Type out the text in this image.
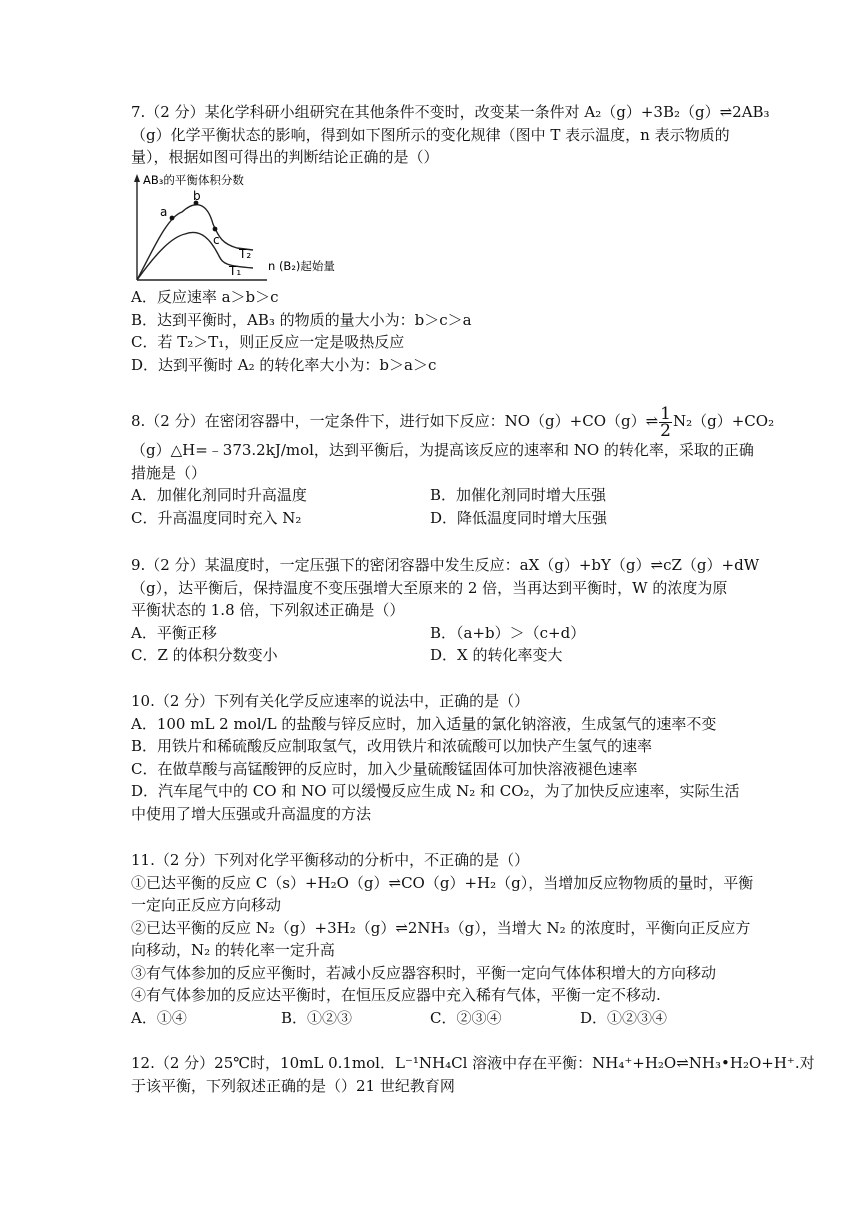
7.（2 分）某化学科研小组研究在其他条件不变时，改变某一条件对 A₂（g）+3B₂（g）⇌2AB₃
（g）化学平衡状态的影响，得到如下图所示的变化规律（图中 T 表示温度，n 表示物质的
量），根据如图可得出的判断结论正确的是（）
AB₃的平衡体积分数
a
b
c
T₂
T₁ n (B₂)起始量
A．反应速率 a＞b＞c
B．达到平衡时，AB₃ 的物质的量大小为：b＞c＞a
C．若 T₂＞T₁，则正反应一定是吸热反应
D．达到平衡时 A₂ 的转化率大小为：b＞a＞c
8.（2 分）在密闭容器中，一定条件下，进行如下反应：NO（g）+CO（g）⇌ $\frac{1}{2} N_2(g)+CO_2$
（g）△H=﹣373.2kJ/mol，达到平衡后，为提高该反应的速率和 NO 的转化率，采取的正确
措施是（）
A．加催化剂同时升高温度	B．加催化剂同时增大压强
C．升高温度同时充入 N₂	D．降低温度同时增大压强
9.（2 分）某温度时，一定压强下的密闭容器中发生反应：aX（g）+bY（g）⇌cZ（g）+dW
（g），达平衡后，保持温度不变压强增大至原来的 2 倍，当再达到平衡时，W 的浓度为原
平衡状态的 1.8 倍，下列叙述正确是（）
A．平衡正移	B．（a+b）＞（c+d）
C．Z 的体积分数变小	D．X 的转化率变大
10.（2 分）下列有关化学反应速率的说法中，正确的是（）
A．100 mL 2 mol/L 的盐酸与锌反应时，加入适量的氯化钠溶液，生成氢气的速率不变
B．用铁片和稀硫酸反应制取氢气，改用铁片和浓硫酸可以加快产生氢气的速率
C．在做草酸与高锰酸钾的反应时，加入少量硫酸锰固体可加快溶液褪色速率
D．汽车尾气中的 CO 和 NO 可以缓慢反应生成 N₂ 和 CO₂，为了加快反应速率，实际生活
中使用了增大压强或升高温度的方法
11.（2 分）下列对化学平衡移动的分析中，不正确的是（）
①已达平衡的反应 C（s）+H₂O（g）⇌CO（g）+H₂（g），当增加反应物物质的量时，平衡
一定向正反应方向移动
②已达平衡的反应 N₂（g）+3H₂（g）⇌2NH₃（g），当增大 N₂ 的浓度时，平衡向正反应方
向移动，N₂ 的转化率一定升高
③有气体参加的反应平衡时，若减小反应器容积时，平衡一定向气体体积增大的方向移动
④有气体参加的反应达平衡时，在恒压反应器中充入稀有气体，平衡一定不移动.
A．①④	B．①②③	C．②③④	D．①②③④
12.（2 分）25℃时，10mL 0.1mol．L⁻¹NH₄Cl 溶液中存在平衡：NH₄⁺+H₂O⇌NH₃•H₂O+H⁺.对
于该平衡，下列叙述正确的是（）21 世纪教育网
